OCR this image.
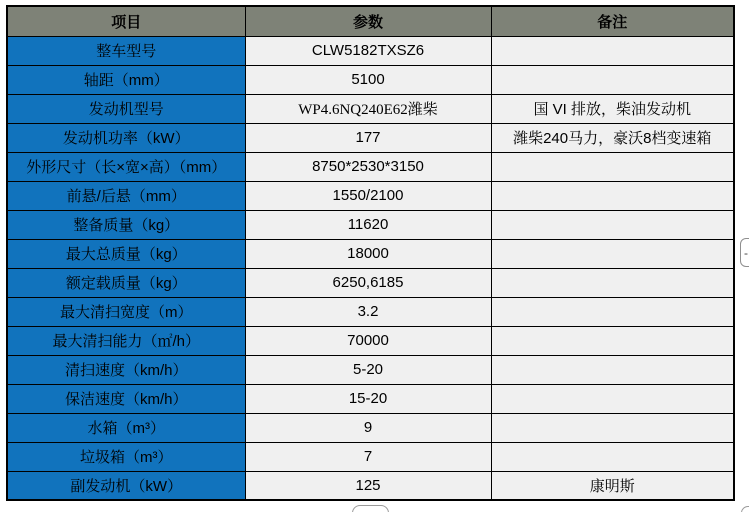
项目	参数	备注
整车型号	CLW5182TXSZ6	
轴距（mm）	5100	
发动机型号	WP4.6NQ240E62潍柴	国 VI 排放，柴油发动机
发动机功率（kW）	177	潍柴240马力，豪沃8档变速箱
外形尺寸（长×宽×高）（mm）	8750*2530*3150	
前悬/后悬（mm）	1550/2100	
整备质量（kg）	11620	
最大总质量（kg）	18000	
额定载质量（kg）	6250,6185	
最大清扫宽度（m）	3.2	
最大清扫能力（㎡/h）	70000	
清扫速度（km/h）	5-20	
保洁速度（km/h）	15-20	
水箱（m³）	9	
垃圾箱（m³）	7	
副发动机（kW）	125	康明斯
-
